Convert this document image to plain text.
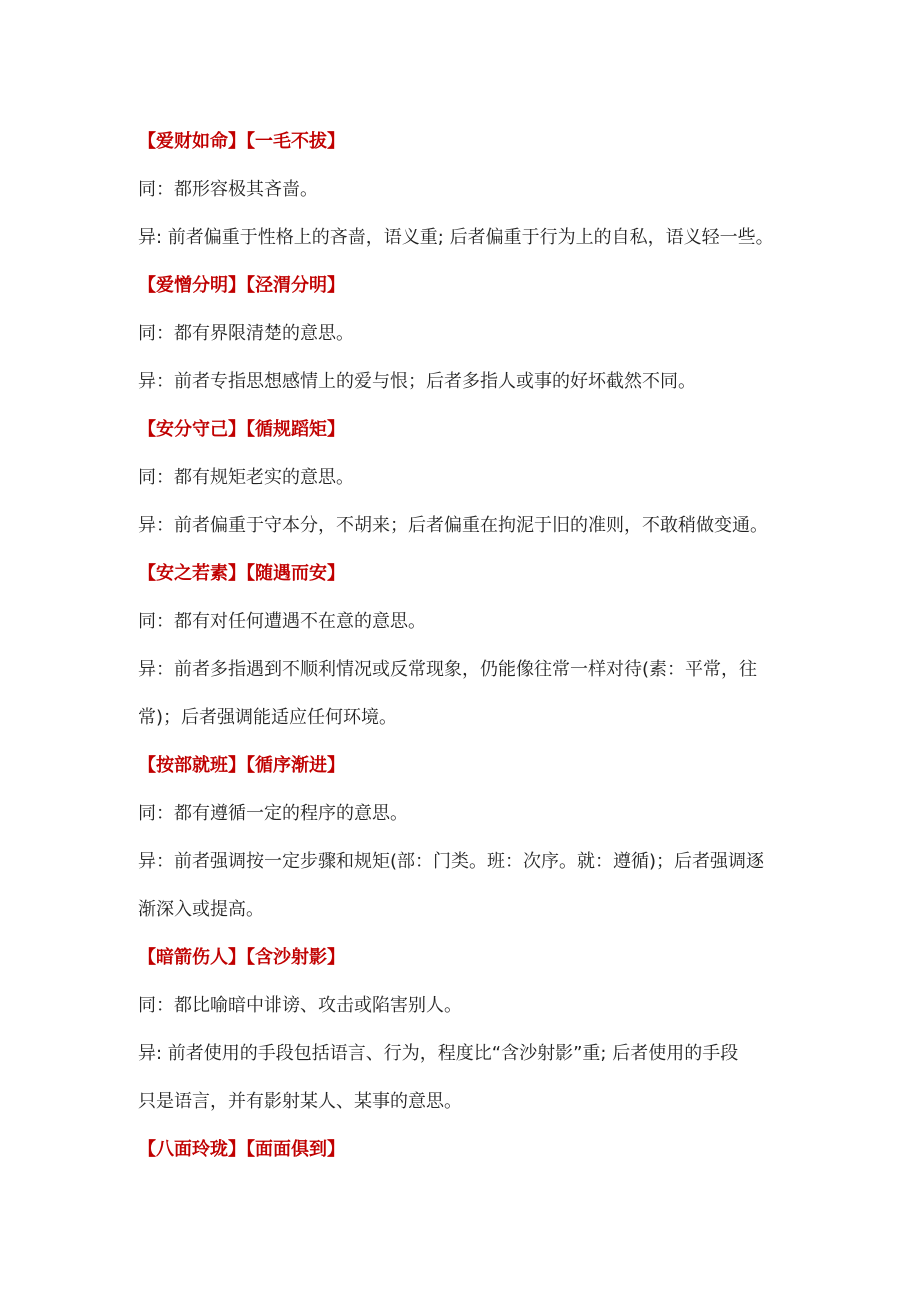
【爱财如命】【一毛不拔】
同：都形容极其吝啬。
异: 前者偏重于性格上的吝啬，语义重; 后者偏重于行为上的自私，语义轻一些。
【爱憎分明】【泾渭分明】
同：都有界限清楚的意思。
异：前者专指思想感情上的爱与恨；后者多指人或事的好坏截然不同。
【安分守己】【循规蹈矩】
同：都有规矩老实的意思。
异：前者偏重于守本分，不胡来；后者偏重在拘泥于旧的准则，不敢稍做变通。
【安之若素】【随遇而安】
同：都有对任何遭遇不在意的意思。
异：前者多指遇到不顺利情况或反常现象，仍能像往常一样对待(素：平常，往
常)；后者强调能适应任何环境。
【按部就班】【循序渐进】
同：都有遵循一定的程序的意思。
异：前者强调按一定步骤和规矩(部：门类。班：次序。就：遵循)；后者强调逐
渐深入或提高。
【暗箭伤人】【含沙射影】
同：都比喻暗中诽谤、攻击或陷害别人。
异: 前者使用的手段包括语言、行为，程度比“含沙射影”重; 后者使用的手段
只是语言，并有影射某人、某事的意思。
【八面玲珑】【面面俱到】
